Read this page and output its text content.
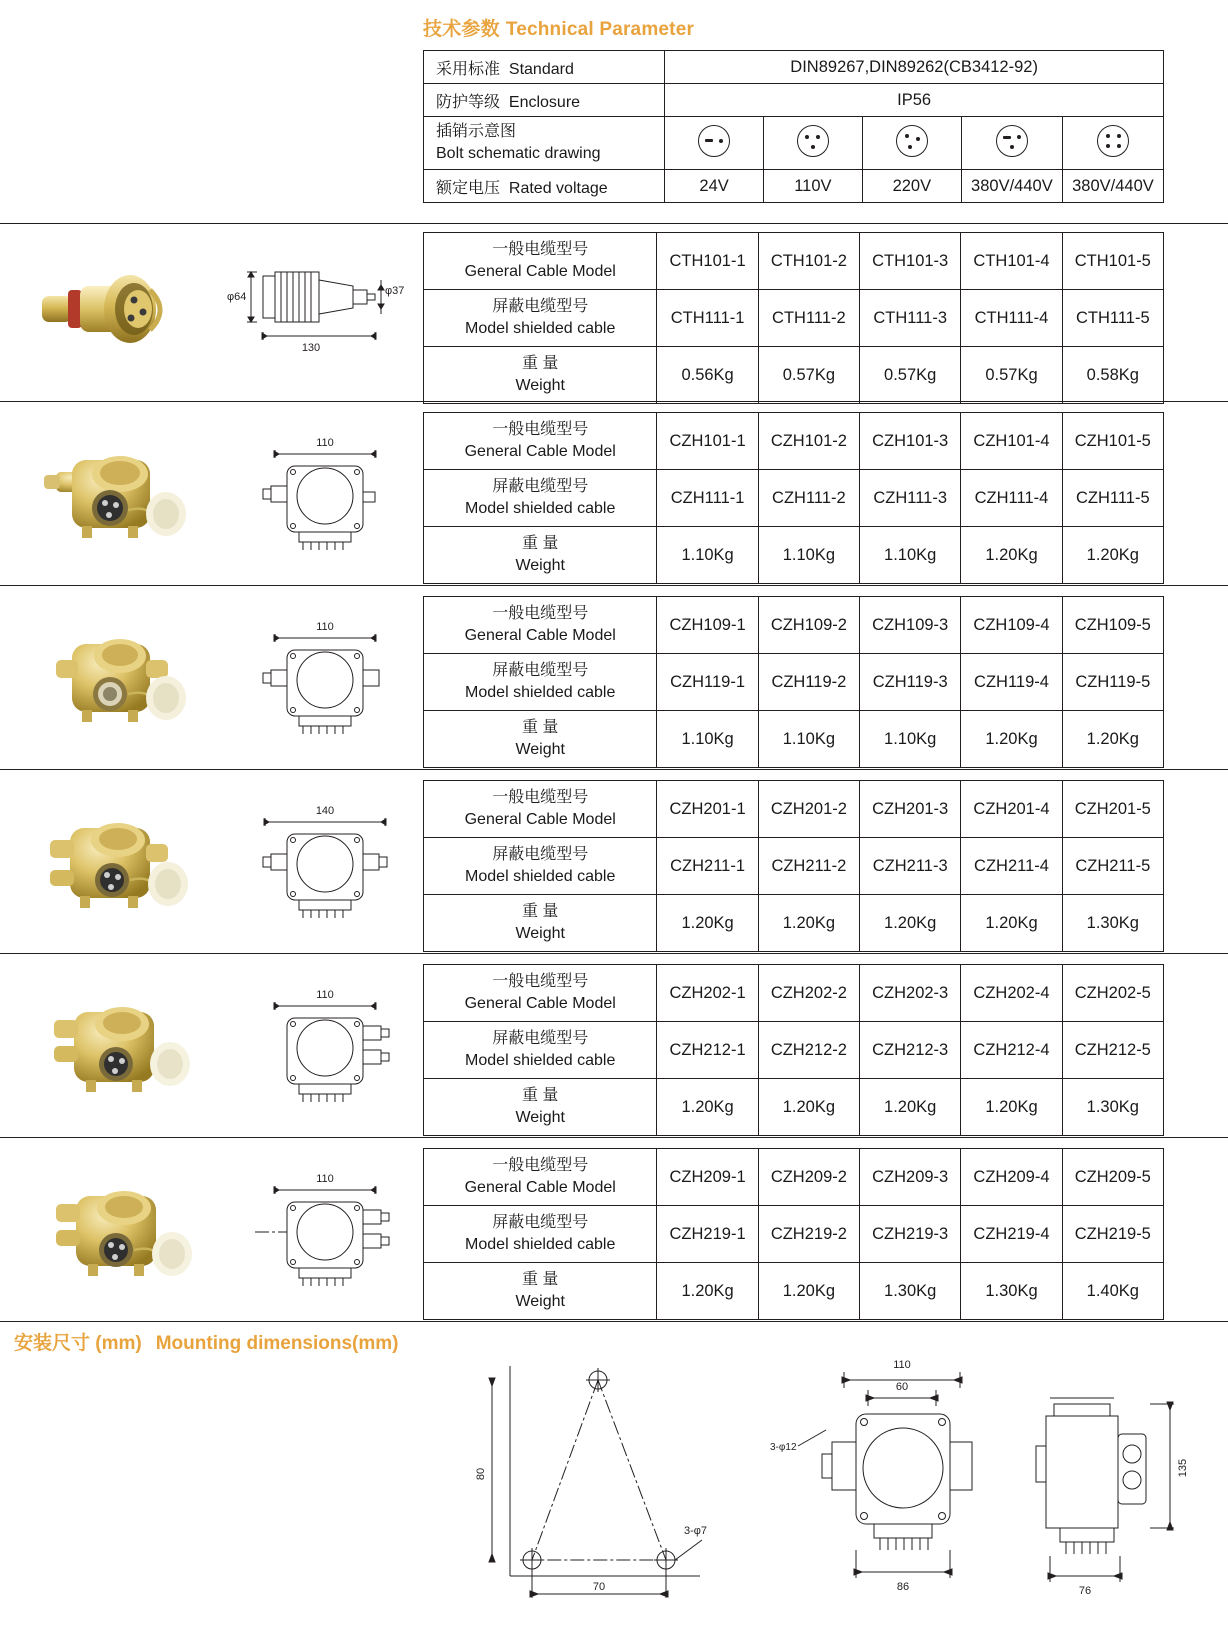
技术参数 Technical Parameter
采用标准 Standard	DIN89267,DIN89262(CB3412-92)				
防护等级 Enclosure	IP56				

插销示意图
Bolt schematic drawing					

额定电压 Rated voltage	24V	110V	220V	380V/440V	380V/440V
φ64	φ37
130
一般电缆型号
General Cable Model	CTH101-1	CTH101-2	CTH101-3	CTH101-4	CTH101-5

屏蔽电缆型号
Model shielded cable	CTH111-1	CTH111-2	CTH111-3	CTH111-4	CTH111-5

重 量
Weight	0.56Kg	0.57Kg	0.57Kg	0.57Kg	0.58Kg
110
一般电缆型号
General Cable Model	CZH101-1	CZH101-2	CZH101-3	CZH101-4	CZH101-5

屏蔽电缆型号
Model shielded cable	CZH111-1	CZH111-2	CZH111-3	CZH111-4	CZH111-5

重 量
Weight	1.10Kg	1.10Kg	1.10Kg	1.20Kg	1.20Kg
110
一般电缆型号
General Cable Model	CZH109-1	CZH109-2	CZH109-3	CZH109-4	CZH109-5

屏蔽电缆型号
Model shielded cable	CZH119-1	CZH119-2	CZH119-3	CZH119-4	CZH119-5

重 量
Weight	1.10Kg	1.10Kg	1.10Kg	1.20Kg	1.20Kg
140
一般电缆型号
General Cable Model	CZH201-1	CZH201-2	CZH201-3	CZH201-4	CZH201-5

屏蔽电缆型号
Model shielded cable	CZH211-1	CZH211-2	CZH211-3	CZH211-4	CZH211-5

重 量
Weight	1.20Kg	1.20Kg	1.20Kg	1.20Kg	1.30Kg
110
一般电缆型号
General Cable Model	CZH202-1	CZH202-2	CZH202-3	CZH202-4	CZH202-5

屏蔽电缆型号
Model shielded cable	CZH212-1	CZH212-2	CZH212-3	CZH212-4	CZH212-5

重 量
Weight	1.20Kg	1.20Kg	1.20Kg	1.20Kg	1.30Kg
110
一般电缆型号
General Cable Model	CZH209-1	CZH209-2	CZH209-3	CZH209-4	CZH209-5

屏蔽电缆型号
Model shielded cable	CZH219-1	CZH219-2	CZH219-3	CZH219-4	CZH219-5

重 量
Weight	1.20Kg	1.20Kg	1.30Kg	1.30Kg	1.40Kg
安装尺寸 (mm) Mounting dimensions(mm)
80
70
3-φ7
110
60
3-φ12
86
135
76
